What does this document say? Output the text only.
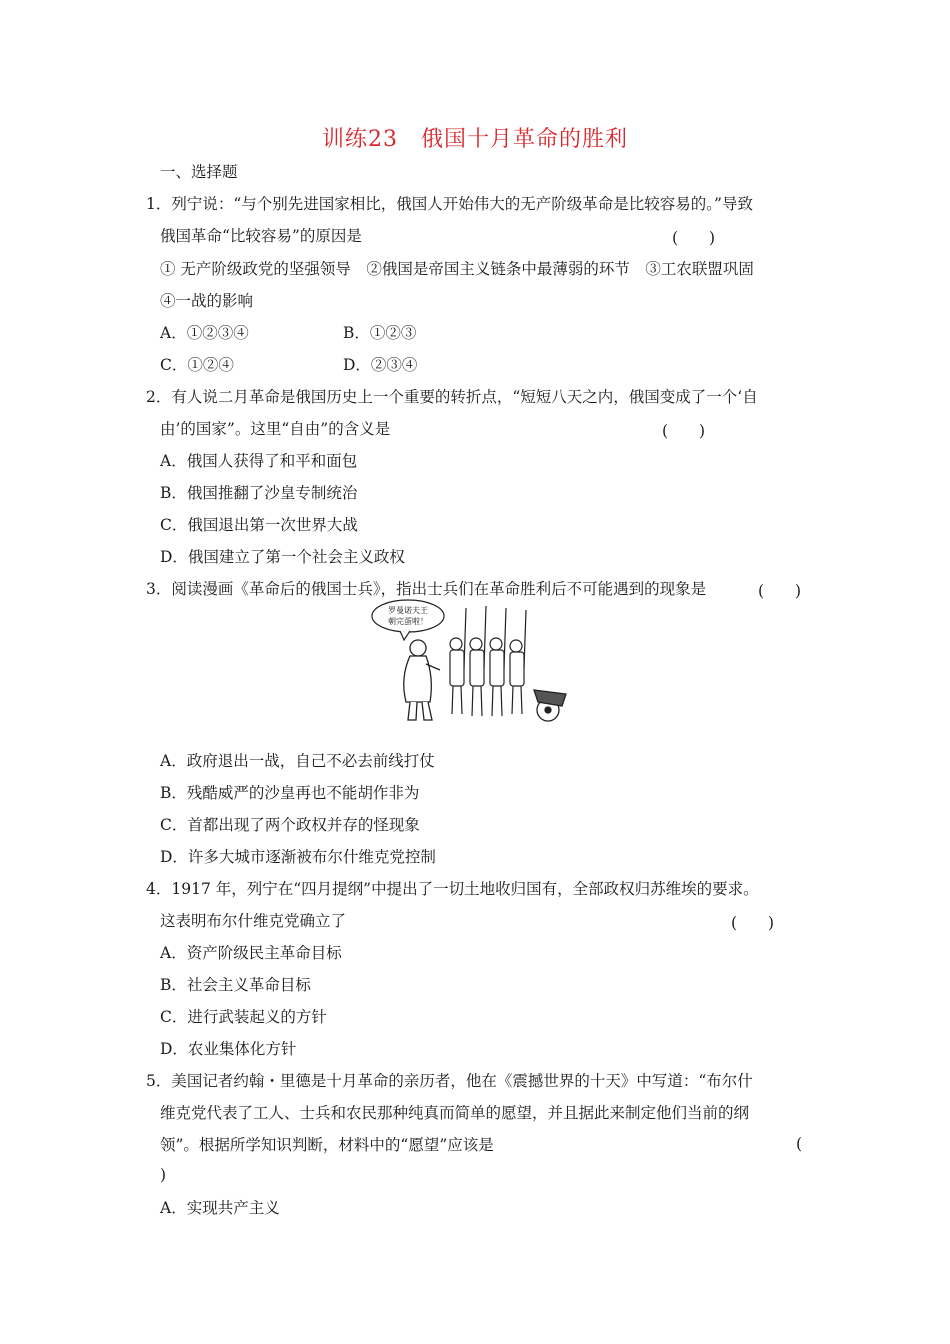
训练23　俄国十月革命的胜利
一、选择题
1．列宁说：“与个别先进国家相比，俄国人开始伟大的无产阶级革命是比较容易的。”导致
俄国革命“比较容易”的原因是	(　　)
① 无产阶级政党的坚强领导　②俄国是帝国主义链条中最薄弱的环节　③工农联盟巩固
④一战的影响
A．①②③④	B．①②③
C．①②④	D．②③④
2．有人说二月革命是俄国历史上一个重要的转折点，“短短八天之内，俄国变成了一个‘自
由’的国家”。这里“自由”的含义是	(　　)
A．俄国人获得了和平和面包
B．俄国推翻了沙皇专制统治
C．俄国退出第一次世界大战
D．俄国建立了第一个社会主义政权
3．阅读漫画《革命后的俄国士兵》，指出士兵们在革命胜利后不可能遇到的现象是	(　　)
罗曼诺夫王
朝完蛋啦！
A．政府退出一战，自己不必去前线打仗
B．残酷威严的沙皇再也不能胡作非为
C．首都出现了两个政权并存的怪现象
D．许多大城市逐渐被布尔什维克党控制
4．1917 年，列宁在“四月提纲”中提出了一切土地收归国有，全部政权归苏维埃的要求。
这表明布尔什维克党确立了	(　　)
A．资产阶级民主革命目标
B．社会主义革命目标
C．进行武装起义的方针
D．农业集体化方针
5．美国记者约翰・里德是十月革命的亲历者，他在《震撼世界的十天》中写道：“布尔什
维克党代表了工人、士兵和农民那种纯真而简单的愿望，并且据此来制定他们当前的纲
领”。根据所学知识判断，材料中的“愿望”应该是	(
)
A．实现共产主义
